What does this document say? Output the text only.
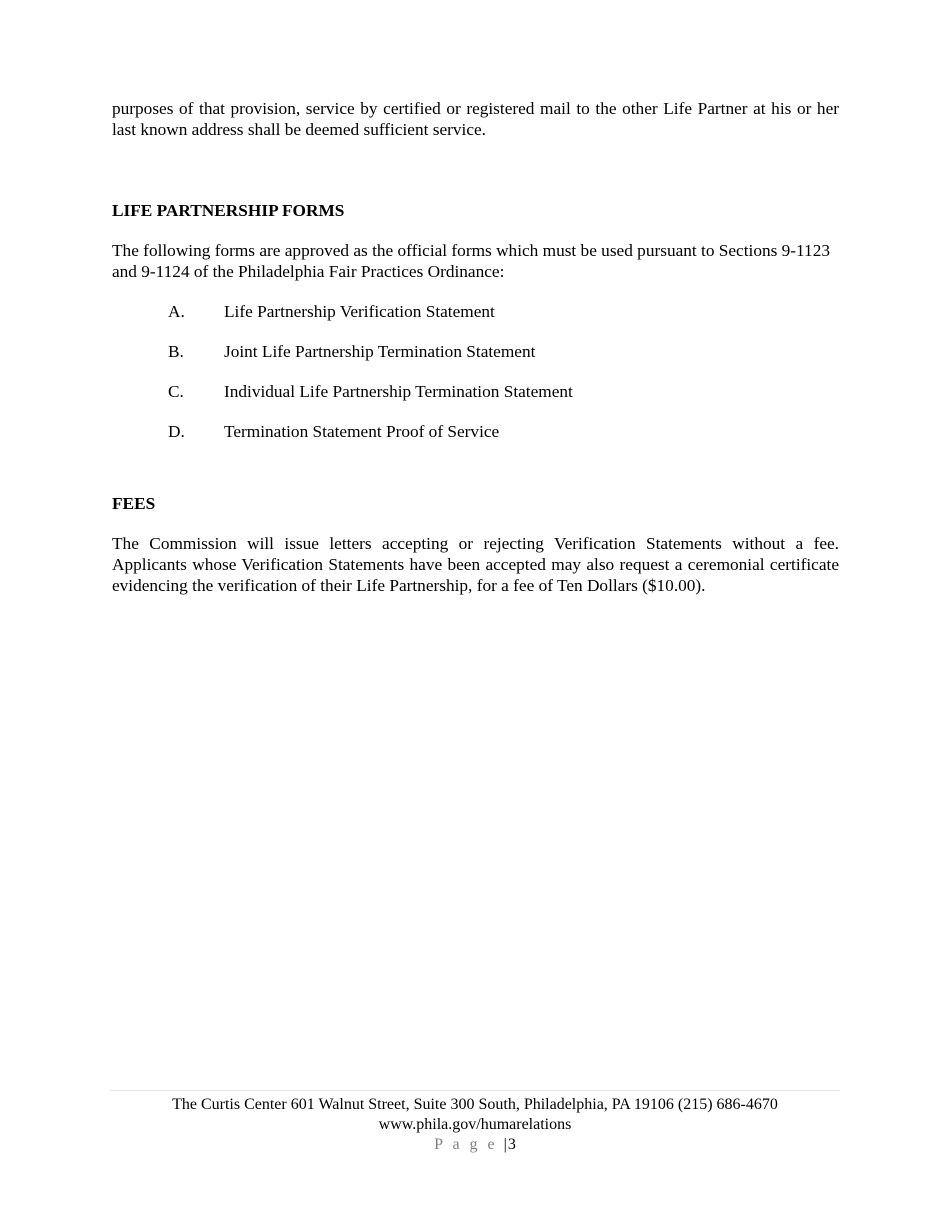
purposes of that provision, service by certified or registered mail to the other Life Partner at his or her last known address shall be deemed sufficient service.

LIFE PARTNERSHIP FORMS

The following forms are approved as the official forms which must be used pursuant to Sections 9-1123 and 9-1124 of the Philadelphia Fair Practices Ordinance:

A.	Life Partnership Verification Statement
B.	Joint Life Partnership Termination Statement
C.	Individual Life Partnership Termination Statement
D.	Termination Statement Proof of Service
FEES

The Commission will issue letters accepting or rejecting Verification Statements without a fee. Applicants whose Verification Statements have been accepted may also request a ceremonial certificate evidencing the verification of their Life Partnership, for a fee of Ten Dollars ($10.00).

The Curtis Center 601 Walnut Street, Suite 300 South, Philadelphia, PA 19106 (215) 686-4670
www.phila.gov/humarelations
P a g e |3
